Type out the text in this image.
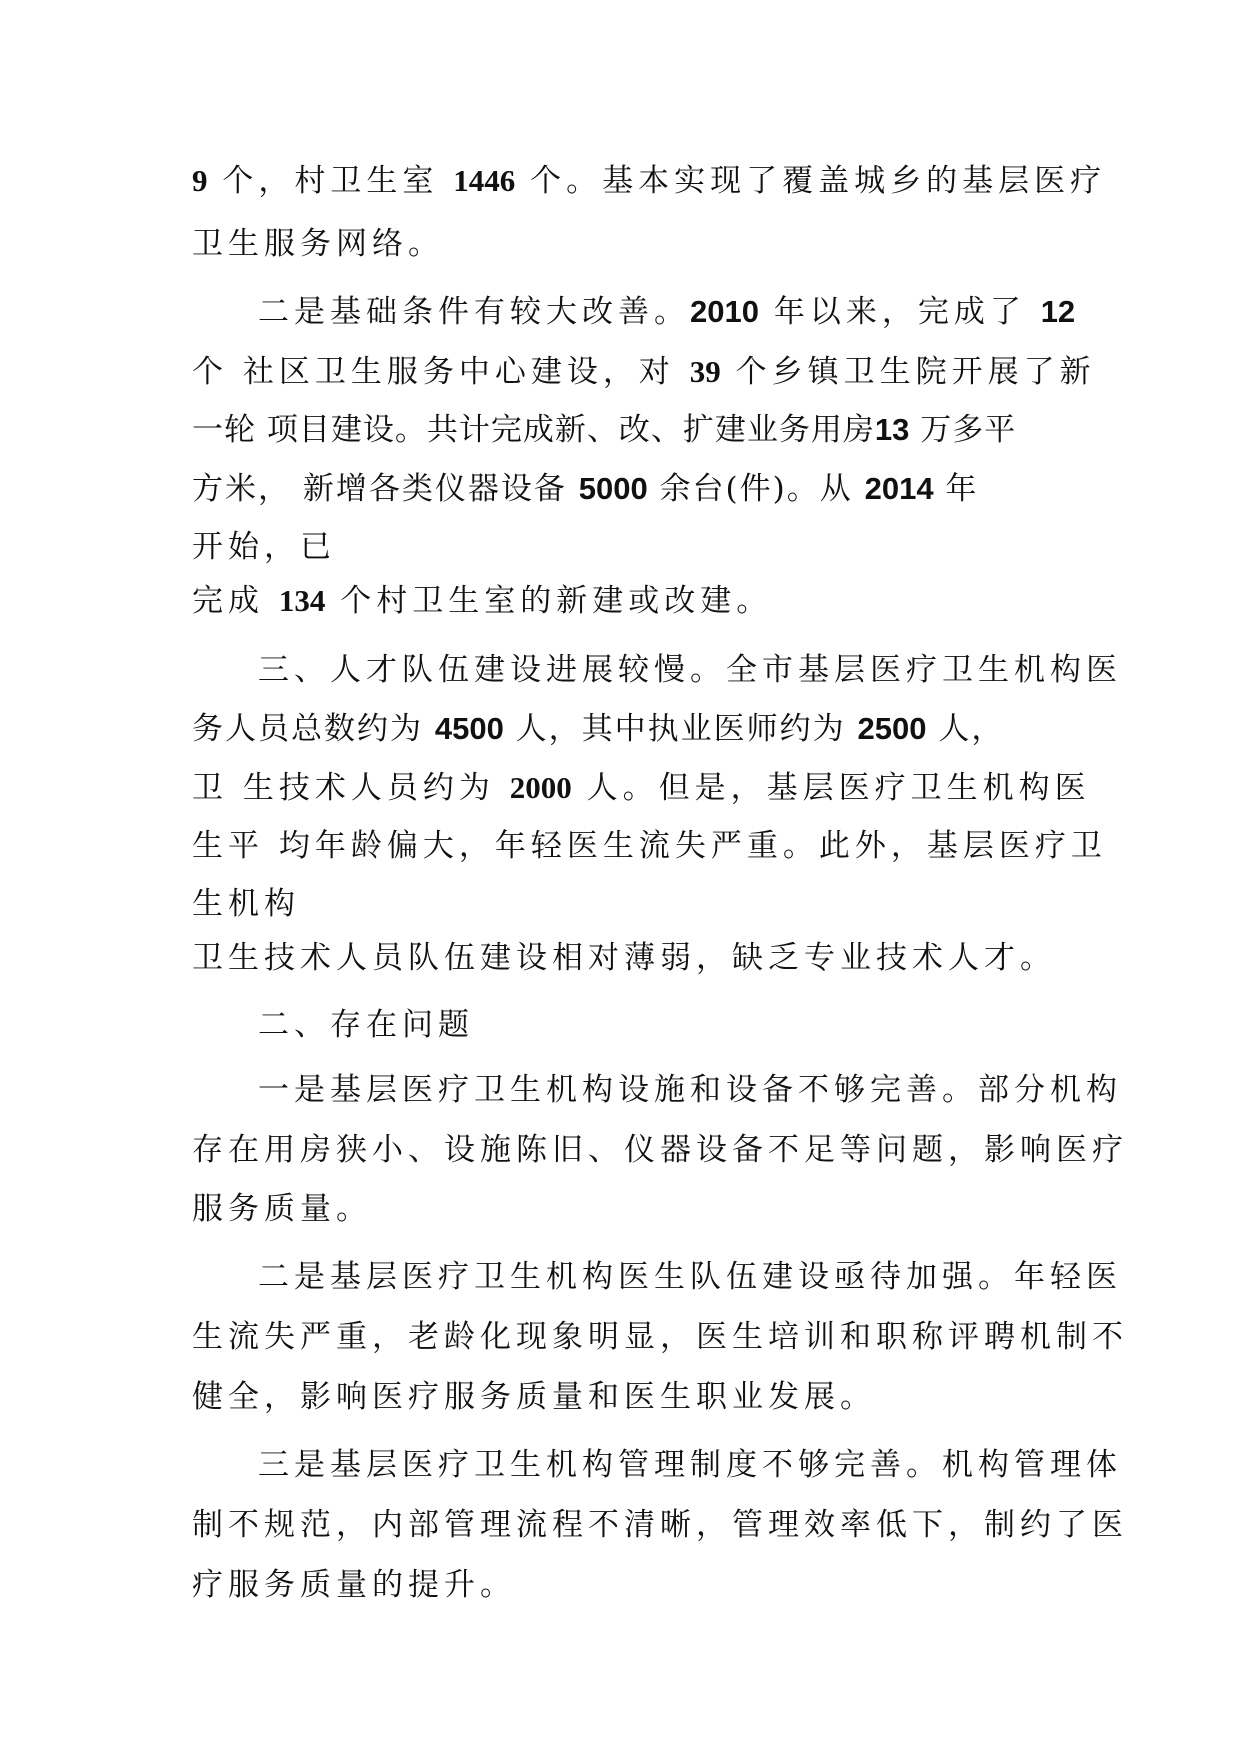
9 个，村卫生室 1446 个。基本实现了覆盖城乡的基层医疗

卫生服务网络。

二是基础条件有较大改善。2010 年以来，完成了 12

个 社区卫生服务中心建设，对 39 个乡镇卫生院开展了新

一轮 项目建设。共计完成新、改、扩建业务用房13 万多平

方米， 新增各类仪器设备 5000 余台(件)。从 2014 年

开始，已

完成 134 个村卫生室的新建或改建。

三、人才队伍建设进展较慢。全市基层医疗卫生机构医

务人员总数约为 4500 人，其中执业医师约为 2500 人，

卫 生技术人员约为 2000 人。但是，基层医疗卫生机构医

生平 均年龄偏大，年轻医生流失严重。此外，基层医疗卫

生机构

卫生技术人员队伍建设相对薄弱，缺乏专业技术人才。

二、存在问题

一是基层医疗卫生机构设施和设备不够完善。部分机构

存在用房狭小、设施陈旧、仪器设备不足等问题，影响医疗

服务质量。

二是基层医疗卫生机构医生队伍建设亟待加强。年轻医

生流失严重，老龄化现象明显，医生培训和职称评聘机制不

健全，影响医疗服务质量和医生职业发展。

三是基层医疗卫生机构管理制度不够完善。机构管理体

制不规范，内部管理流程不清晰，管理效率低下，制约了医

疗服务质量的提升。
